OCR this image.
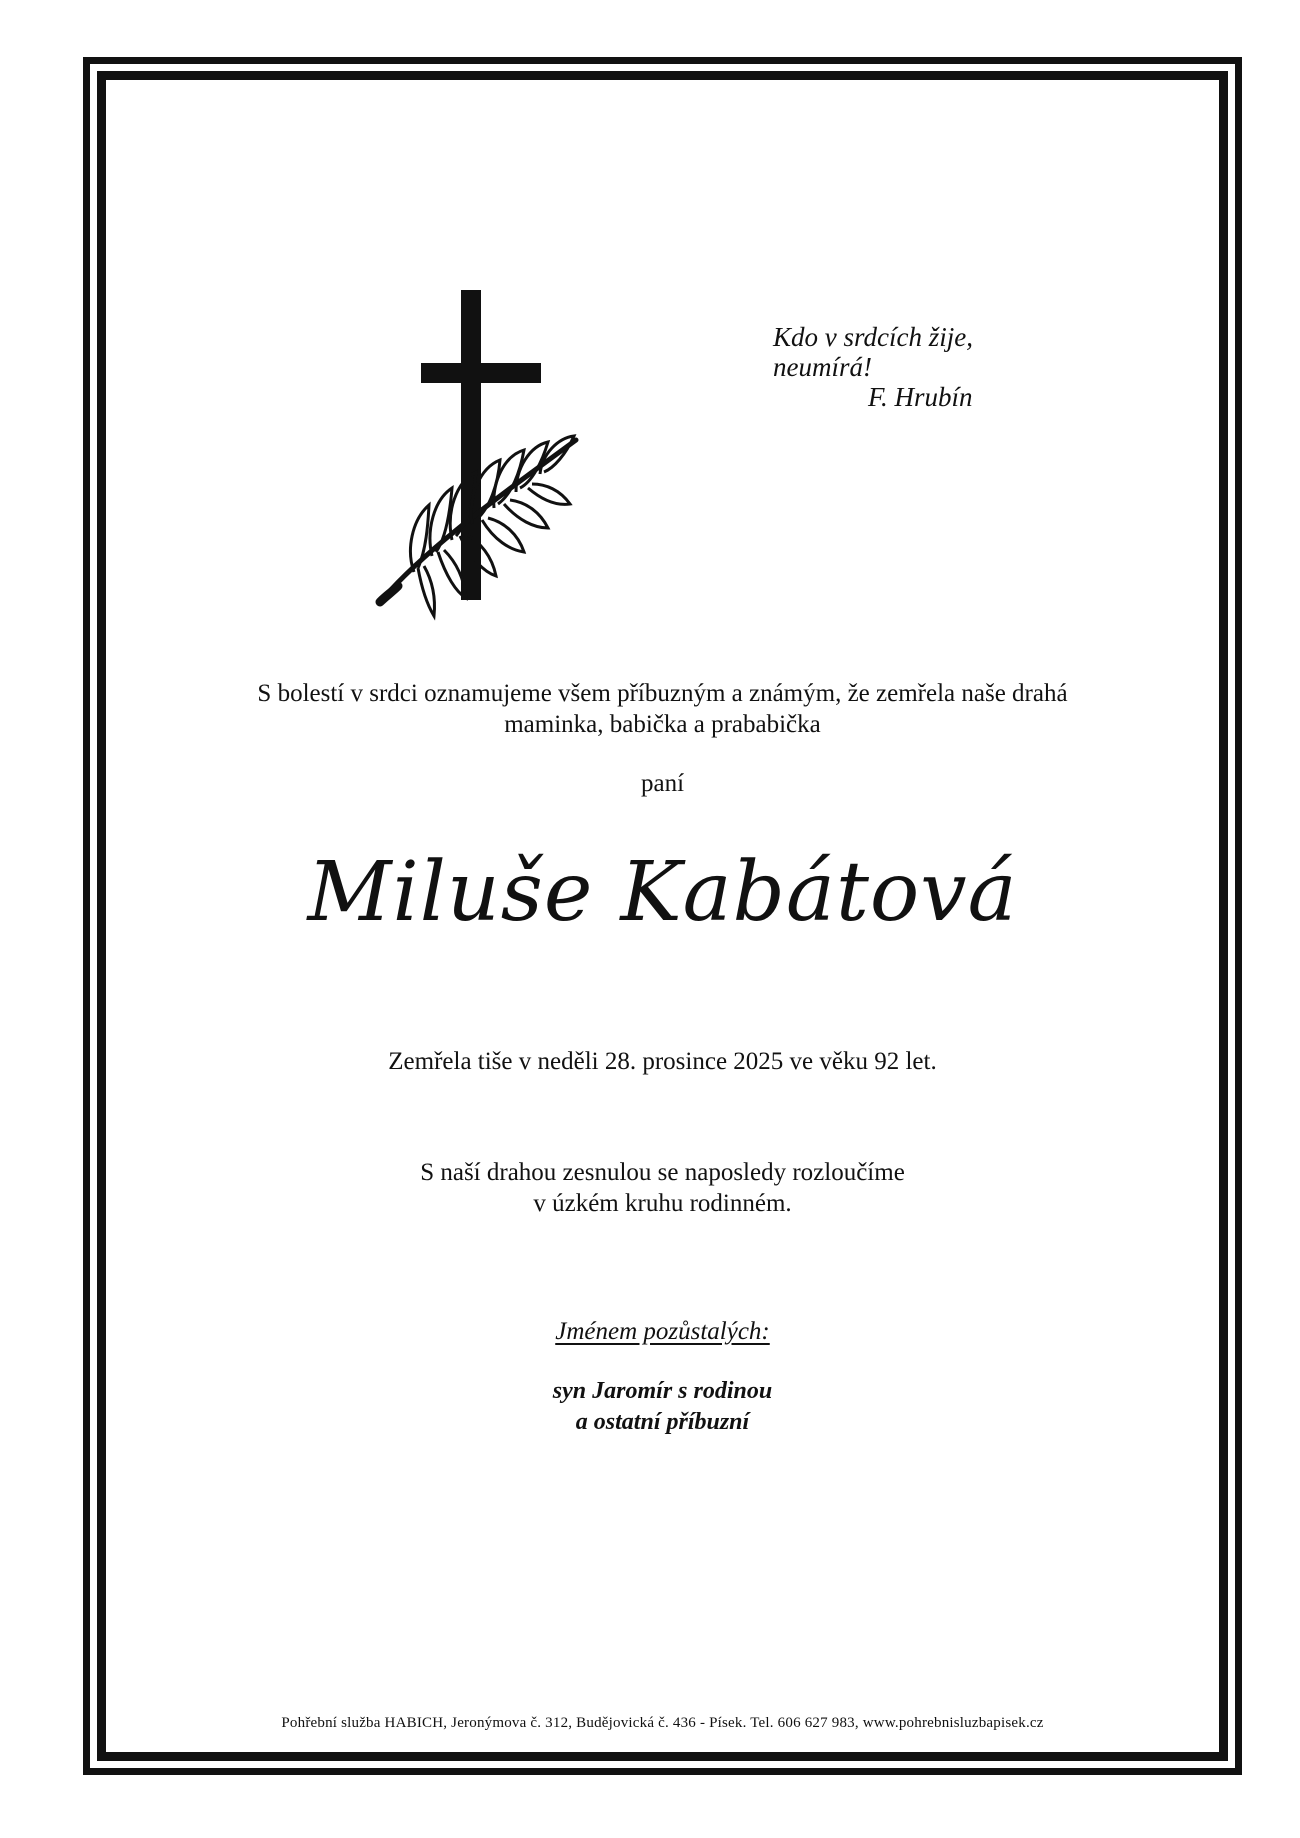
Kdo v srdcích žije,
neumírá!
F. Hrubín
S bolestí v srdci oznamujeme všem příbuzným a známým, že zemřela naše drahá
maminka, babička a prababička
paní
Miluše Kabátová
Zemřela tiše v neděli 28. prosince 2025 ve věku 92 let.
S naší drahou zesnulou se naposledy rozloučíme
v úzkém kruhu rodinném.
Jménem pozůstalých:
syn Jaromír s rodinou
a ostatní příbuzní
Pohřební služba HABICH, Jeronýmova č. 312, Budějovická č. 436 - Písek. Tel. 606 627 983, www.pohrebnisluzbapisek.cz
